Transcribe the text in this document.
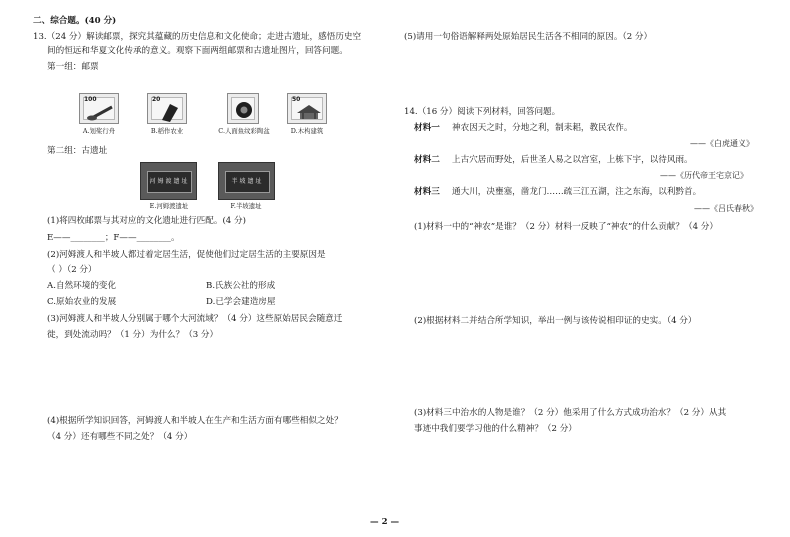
二、综合题。(40 分)
13.（24 分）解读邮票，探究其蕴藏的历史信息和文化使命；走进古遗址，感悟历史空
间的恒远和华夏文化传承的意义。观察下面两组邮票和古遗址图片，回答问题。
第一组：邮票
100
A.划桨行舟
20
B.稻作农业	C.人面鱼纹彩陶盆
50
D.木构建筑
第二组：古遗址
河姆渡遗址
E.河姆渡遗址
半坡遗址
F.半坡遗址
(1)将四枚邮票与其对应的文化遗址进行匹配。(4 分)
E——________；F——________。
(2)河姆渡人和半坡人都过着定居生活，促使他们过定居生活的主要原因是
（ ）（2 分）
A.自然环境的变化	B.氏族公社的形成
C.原始农业的发展	D.已学会建造房屋
(3)河姆渡人和半坡人分别属于哪个大河流域？（4 分）这些原始居民会随意迁
徙，到处流动吗？（1 分）为什么？（3 分）
(4)根据所学知识回答，河姆渡人和半坡人在生产和生活方面有哪些相似之处？
（4 分）还有哪些不同之处？（4 分）
(5)请用一句俗语解释两处原始居民生活各不相同的原因。（2 分）
14.（16 分）阅读下列材料，回答问题。
材料一 神农因天之时，分地之利，制耒耜，教民农作。
——《白虎通义》
材料二 上古穴居而野处，后世圣人易之以宫室，上栋下宇，以待风雨。
——《历代帝王宅京记》
材料三 通大川，决壅塞，凿龙门……疏三江五湖，注之东海，以利黔首。
——《吕氏春秋》
(1)材料一中的“神农”是谁？（2 分）材料一反映了“神农”的什么贡献？（4 分）
(2)根据材料二并结合所学知识，举出一例与该传说相印证的史实。（4 分）
(3)材料三中治水的人物是谁？（2 分）他采用了什么方式成功治水？（2 分）从其
事迹中我们要学习他的什么精神？（2 分）
— 2 —
